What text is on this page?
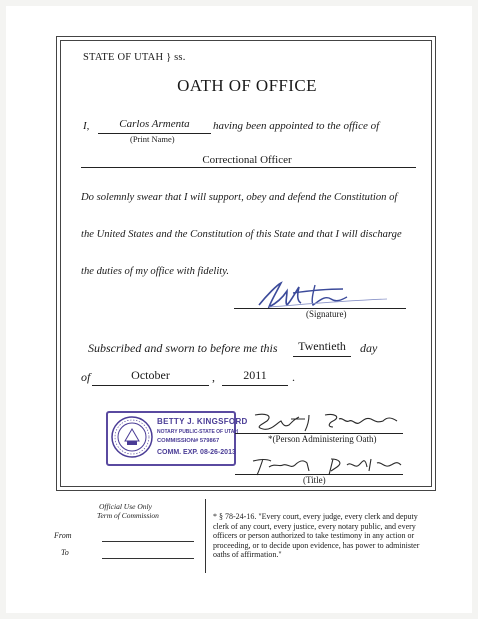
STATE OF UTAH } ss.
OATH OF OFFICE
I,	Carlos Armenta
(Print Name)
having been appointed to the office of
Correctional Officer
Do solemnly swear that I will support, obey and defend the Constitution of
the United States and the Constitution of this State and that I will discharge
the duties of my office with fidelity.
(Signature)
Subscribed and sworn to before me this	Twentieth	day
of	October	,	2011	.
BETTY J. KINGSFORD
NOTARY PUBLIC-STATE OF UTAH
COMMISSION# 579867
COMM. EXP. 08-26-2013
*(Person Administering Oath)
(Title)
Official Use Only
Term of Commission
From
To
* § 78-24-16. "Every court, every judge, every clerk and deputy clerk of any court, every justice, every notary public, and every officers or person authorized to take testimony in any action or proceeding, or to decide upon evidence, has power to administer oaths of affirmation."
